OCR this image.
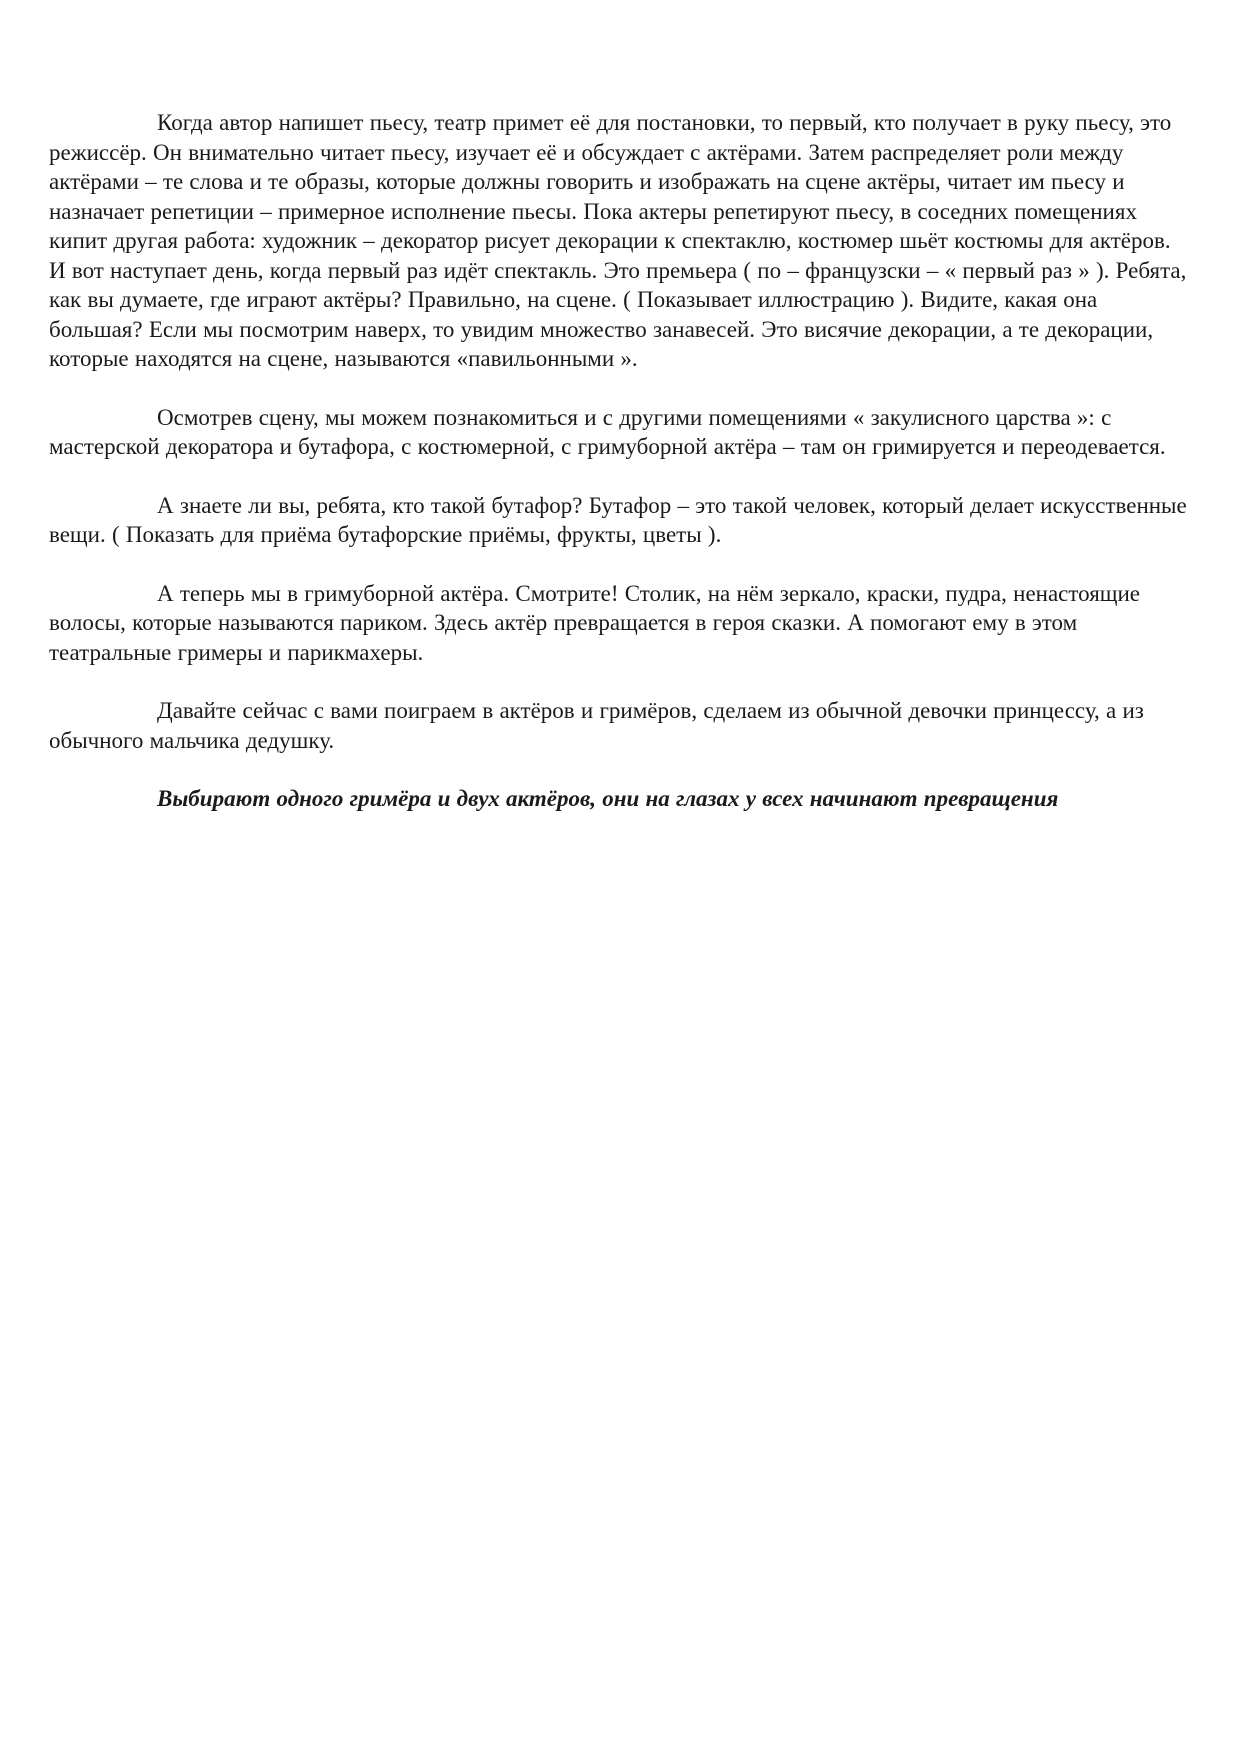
Когда автор напишет пьесу, театр примет её для постановки, то первый, кто получает в руку пьесу, это режиссёр. Он внимательно читает пьесу, изучает её и обсуждает с актёрами. Затем распределяет роли между актёрами – те слова и те образы, которые должны говорить и изображать на сцене актёры, читает им пьесу и назначает репетиции – примерное исполнение пьесы. Пока актеры репетируют пьесу, в соседних помещениях кипит другая работа: художник – декоратор рисует декорации к спектаклю, костюмер шьёт костюмы для актёров. И вот наступает день, когда первый раз идёт спектакль. Это премьера ( по – французски – « первый раз » ). Ребята, как вы думаете, где играют актёры? Правильно, на сцене. ( Показывает иллюстрацию ). Видите, какая она большая? Если мы посмотрим наверх, то увидим множество занавесей. Это висячие декорации, а те декорации, которые находятся на сцене, называются «павильонными ».

Осмотрев сцену, мы можем познакомиться и с другими помещениями « закулисного царства »: с мастерской декоратора и бутафора, с костюмерной, с гримуборной актёра – там он гримируется и переодевается.

А знаете ли вы, ребята, кто такой бутафор? Бутафор – это такой человек, который делает искусственные вещи. ( Показать для приёма бутафорские приёмы, фрукты, цветы ).

А теперь мы в гримуборной актёра. Смотрите! Столик, на нём зеркало, краски, пудра, ненастоящие волосы, которые называются париком. Здесь актёр превращается в героя сказки. А помогают ему в этом театральные гримеры и парикмахеры.

Давайте сейчас с вами поиграем в актёров и гримёров, сделаем из обычной девочки принцессу, а из обычного мальчика дедушку.

Выбирают одного гримёра и двух актёров, они на глазах у всех начинают превращения
